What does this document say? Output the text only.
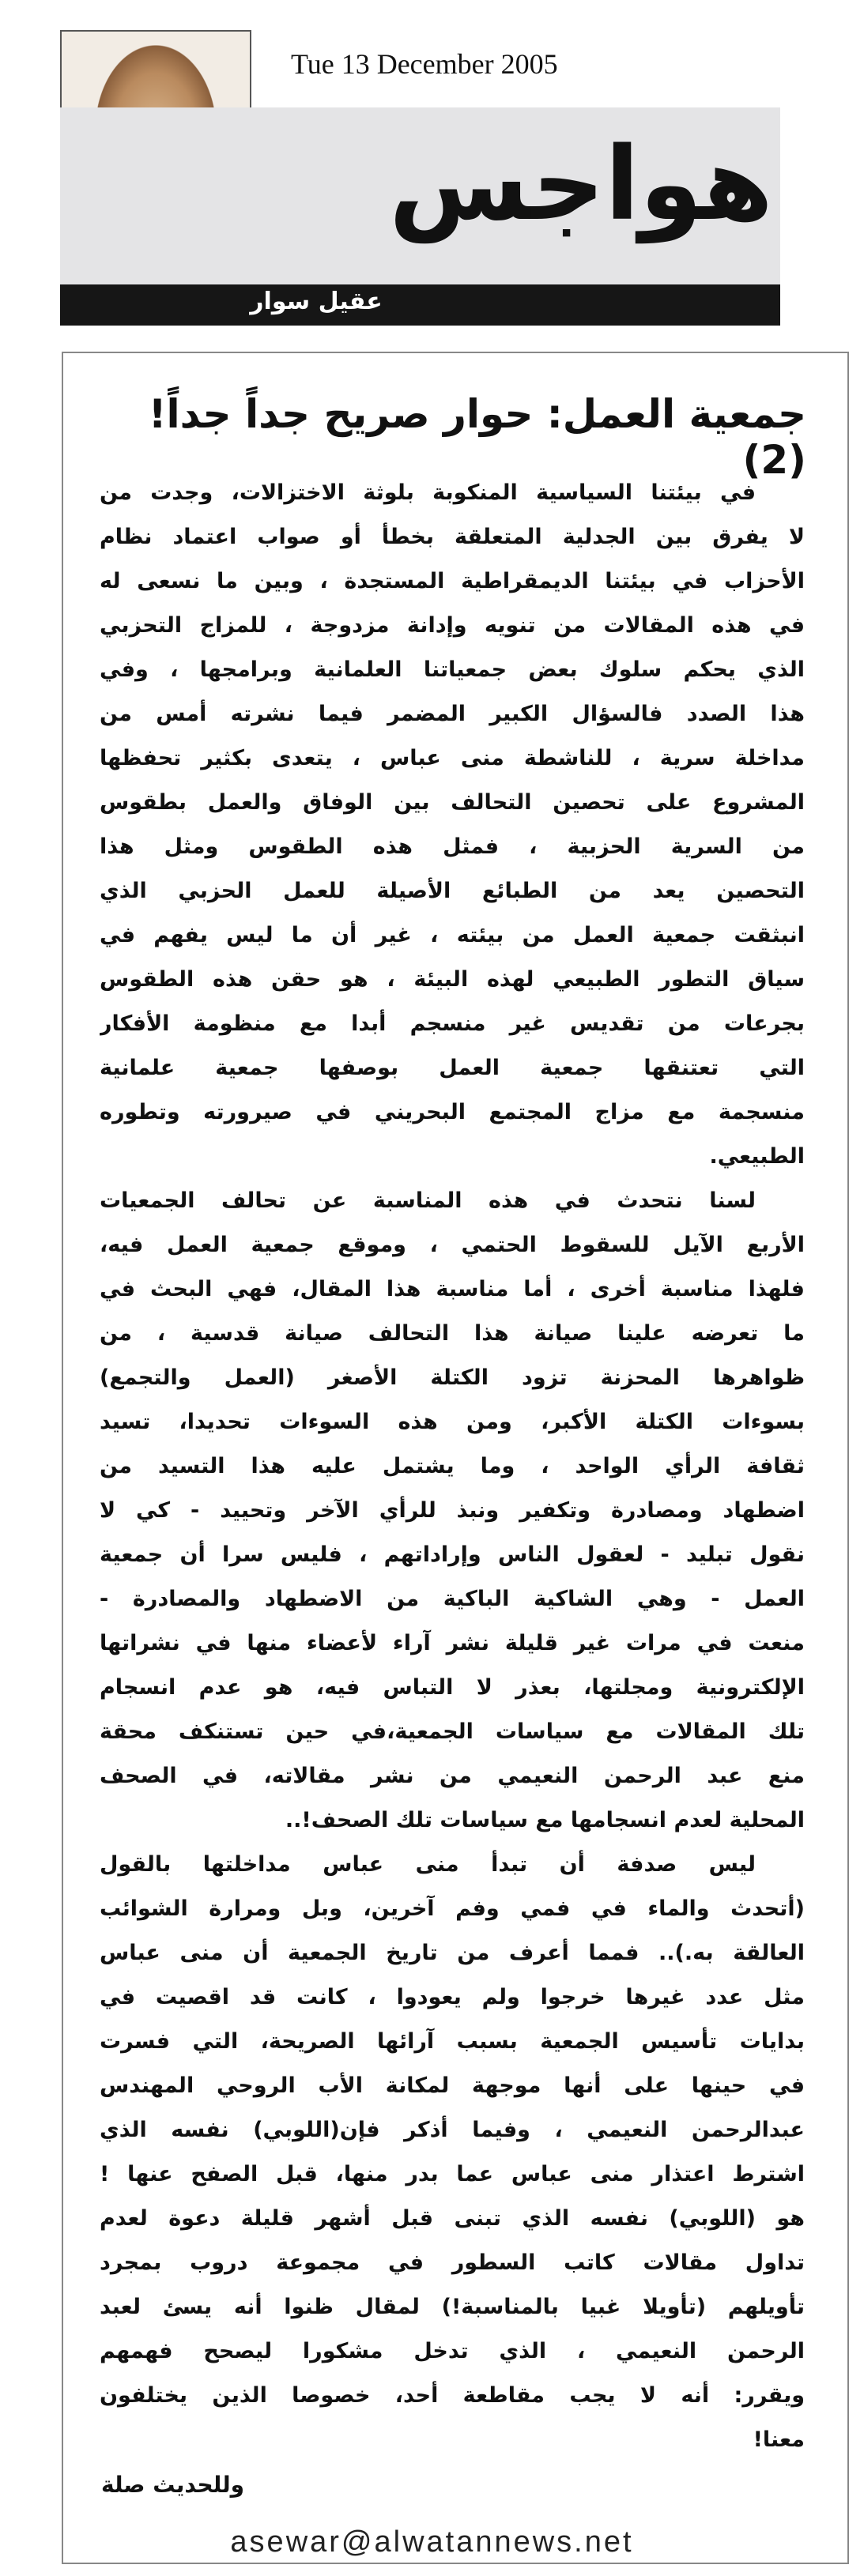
Tue 13 December 2005
هواجس
عقيل سوار
جمعية العمل: حوار صريح جداً جداً! (2)
في بيئتنا السياسية المنكوبة بلوثة الاختزالات، وجدت من
لا يفرق بين الجدلية المتعلقة بخطأ أو صواب اعتماد نظام
الأحزاب في بيئتنا الديمقراطية المستجدة ، وبين ما نسعى له
في هذه المقالات من تنويه وإدانة مزدوجة ، للمزاج التحزبي
الذي يحكم سلوك بعض جمعياتنا العلمانية وبرامجها ، وفي
هذا الصدد فالسؤال الكبير المضمر فيما نشرته أمس من
مداخلة سرية ، للناشطة منى عباس ، يتعدى بكثير تحفظها
المشروع على تحصين التحالف بين الوفاق والعمل بطقوس
من السرية الحزبية ، فمثل هذه الطقوس ومثل هذا
التحصين يعد من الطبائع الأصيلة للعمل الحزبي الذي
انبثقت جمعية العمل من بيئته ، غير أن ما ليس يفهم في
سياق التطور الطبيعي لهذه البيئة ، هو حقن هذه الطقوس
بجرعات من تقديس غير منسجم أبدا مع منظومة الأفكار
التي تعتنقها جمعية العمل بوصفها جمعية علمانية
منسجمة مع مزاج المجتمع البحريني في صيرورته وتطوره
الطبيعي.
لسنا نتحدث في هذه المناسبة عن تحالف الجمعيات
الأربع الآيل للسقوط الحتمي ، وموقع جمعية العمل فيه،
فلهذا مناسبة أخرى ، أما مناسبة هذا المقال، فهي البحث في
ما تعرضه علينا صيانة هذا التحالف صيانة قدسية ، من
ظواهرها المحزنة تزود الكتلة الأصغر (العمل والتجمع)
بسوءات الكتلة الأكبر، ومن هذه السوءات تحديدا، تسيد
ثقافة الرأي الواحد ، وما يشتمل عليه هذا التسيد من
اضطهاد ومصادرة وتكفير ونبذ للرأي الآخر وتحييد - كي لا
نقول تبليد - لعقول الناس وإراداتهم ، فليس سرا أن جمعية
العمل - وهي الشاكية الباكية من الاضطهاد والمصادرة -
منعت في مرات غير قليلة نشر آراء لأعضاء منها في نشراتها
الإلكترونية ومجلتها، بعذر لا التباس فيه، هو عدم انسجام
تلك المقالات مع سياسات الجمعية،في حين تستنكف محقة
منع عبد الرحمن النعيمي من نشر مقالاته، في الصحف
المحلية لعدم انسجامها مع سياسات تلك الصحف!..
ليس صدفة أن تبدأ منى عباس مداخلتها بالقول
(أتحدث والماء في فمي وفم آخرين، وبل ومرارة الشوائب
العالقة به.).. فمما أعرف من تاريخ الجمعية أن منى عباس
مثل عدد غيرها خرجوا ولم يعودوا ، كانت قد اقصيت في
بدايات تأسيس الجمعية بسبب آرائها الصريحة، التي فسرت
في حينها على أنها موجهة لمكانة الأب الروحي المهندس
عبدالرحمن النعيمي ، وفيما أذكر فإن(اللوبي) نفسه الذي
اشترط اعتذار منى عباس عما بدر منها، قبل الصفح عنها !
هو (اللوبي) نفسه الذي تبنى قبل أشهر قليلة دعوة لعدم
تداول مقالات كاتب السطور في مجموعة دروب بمجرد
تأويلهم (تأويلا غبيا بالمناسبة!) لمقال ظنوا أنه يسئ لعبد
الرحمن النعيمي ، الذي تدخل مشكورا ليصحح فهمهم
ويقرر: أنه لا يجب مقاطعة أحد، خصوصا الذين يختلفون
معنا!
وللحديث صلة
asewar@alwatannews.net
